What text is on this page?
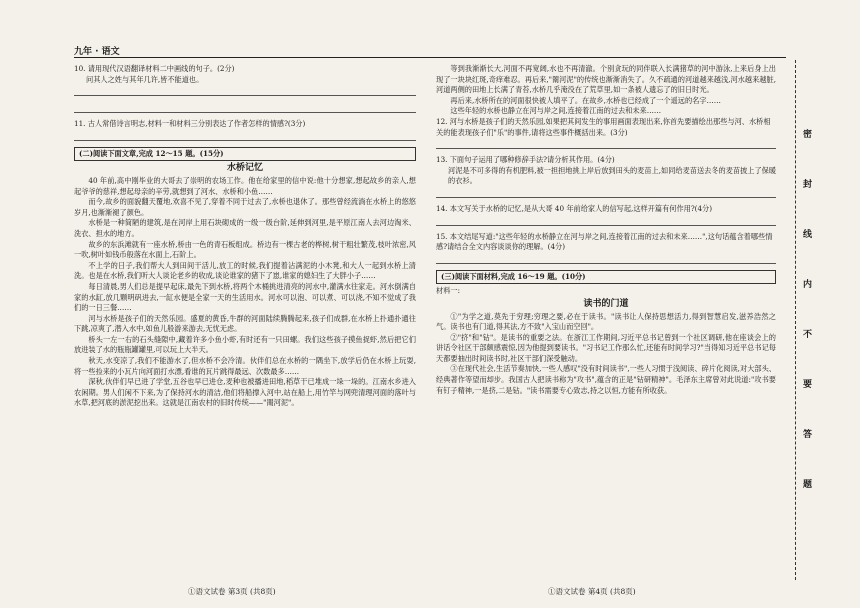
九年 · 语文
10. 请用现代汉语翻译材料二中画线的句子。(2分)
问其人之姓与其年几许,皆不能道也。
11. 古人常借诗言明志,材料一和材料三分别表达了作者怎样的情感?(3分)
(二)阅读下面文章,完成 12～15 题。(15分)
水桥记忆

40 年前,高中刚毕业的大哥去了崇明的农场工作。他在给家里的信中说:他十分想家,想起故乡的亲人,想起爷爷的慈祥,想起母亲的辛劳,就想到了河水、水桥和小鱼……

而今,故乡的面貌翻天覆地,欢喜不见了,穿着不同于过去了,水桥也退休了。那些曾经流淌在水桥上的悠悠岁月,也渐渐褪了颜色。

水桥是一种简陋的建筑,是在河岸上用石块砌成的一级一级台阶,延伸到河里,是平原江南人去河边淘米、洗衣、担水的地方。

故乡的东浜滩就有一座水桥,桥由一色的青石板组成。桥边有一棵古老的桦树,树干粗壮繁茂,枝叶浓密,风一吹,树叶如钱币般落在水面上,石阶上。

不上学的日子,我们帮大人到田间干活儿,放工的时候,我们提着沾满泥的小木凳,和大人一起到水桥上清洗。也是在水桥,我们听大人谈论老乡的收成,谈论谁家的猪下了崽,谁家的媳妇生了大胖小子……

每日清晨,男人们总是提早起床,最先下到水桥,将两个木桶挑进清亮的河水中,灌满水往家走。河水倒满自家的水缸,放几颗明矾进去,一缸水便是全家一天的生活用水。河水可以泡、可以煮、可以浇,不知不觉成了我们的一日三餐……

河与水桥是孩子们的天然乐园。盛夏的黄昏,牛群的河面陆续腾腾起来,孩子们成群,在水桥上扑通扑通往下跳,凉爽了,潜入水中,如鱼儿般游来游去,无忧无虑。

桥头一左一右的石头缝隙中,藏着许多小鱼小虾,有时还有一只田螺。我们这些孩子摸鱼捉虾,然后把它们放进装了水的瓶瓶罐罐里,可以玩上大半天。

秋天,水变凉了,我们不能游水了,但水桥不会冷清。伙伴们总在水桥的一隅坐下,放学后仍在水桥上玩耍,将一些捡来的小瓦片向河面打水漂,看谁的瓦片跳得最远、次数最多……

深秋,伙伴们早已进了学堂,五谷也早已进仓,麦种也被播进田地,稻草干已堆成一垛一垛的。江南水乡进入农闲期。男人们闲不下来,为了保持河水的清洁,他们将船撑入河中,站在船上,用竹竿与网兜清理河面的落叶与水草,把河底的淤泥挖出来。这就是江南农村的旧时传统——"罱河泥"。

等到我渐渐长大,河面不再宽阔,水也不再清澈。个别贪玩的同伴联入长满猪草的河中游泳,上来后身上出现了一块块红斑,奇痒难忍。再后来,"罱河泥"的传统也渐渐消失了。久不疏通的河道越来越浅,河水越来越脏,河道两侧的田地上长满了青苔,水桥几乎淹没在了荒草里,如一条被人遗忘了的旧日时光。

再后来,水桥所在的河面很快被人填平了。在故乡,水桥也已经成了一个遥远的名字……

这些年轻的水桥也静立在河与岸之间,连接着江南的过去和未来……

12. 河与水桥是孩子们的天然乐园,如果把其间发生的事用画面表现出来,你首先要描绘出那些与河、水桥相关的能表现孩子们"乐"的事件,请将这些事件概括出来。(3分)
13. 下面句子运用了哪种修辞手法?请分析其作用。(4分)
河泥是不可多得的有机肥料,被一担担地挑上岸后放到田头的麦苗上,如同给麦苗送去冬的麦苗披上了保暖的衣衫。
14. 本文写关于水桥的记忆,是从大哥 40 年前给家人的信写起,这样开篇有何作用?(4分)
15. 本文结尾写道:"这些年轻的水桥静立在河与岸之间,连接着江南的过去和未来……",这句话蕴含着哪些情感?请结合全文内容谈谈你的理解。(4分)
(三)阅读下面材料,完成 16～19 题。(10分)
材料一:
读书的门道

①"为学之道,莫先于穷理;穷理之要,必在于读书。"读书让人保持思想活力,得到智慧启发,滋养浩然之气。读书也有门道,得其法,方不致"入宝山而空回"。

②"挤"和"钻"。是读书的重要之法。在浙江工作期间,习近平总书记曾到一个社区调研,他在座谈会上的讲话令社区干部颇感震惊,因为他提到要读书。"习书记工作那么忙,还能有时间学习?"当得知习近平总书记每天都要抽出时间读书时,社区干部们深受触动。

③在现代社会,生活节奏加快,一些人感叹"没有时间读书",一些人习惯于浅阅读、碎片化阅读,对大部头、经典著作等望而却步。我国古人把读书称为"攻书",蕴含的正是"钻研精神"。毛泽东主席曾对此说道:"攻书要有钉子精神,一是挤,二是钻。"读书需要专心致志,持之以恒,方能有所收获。

①语文试卷 第3页 (共8页)	①语文试卷 第4页 (共8页)
密
封
线
内
不
要
答
题
